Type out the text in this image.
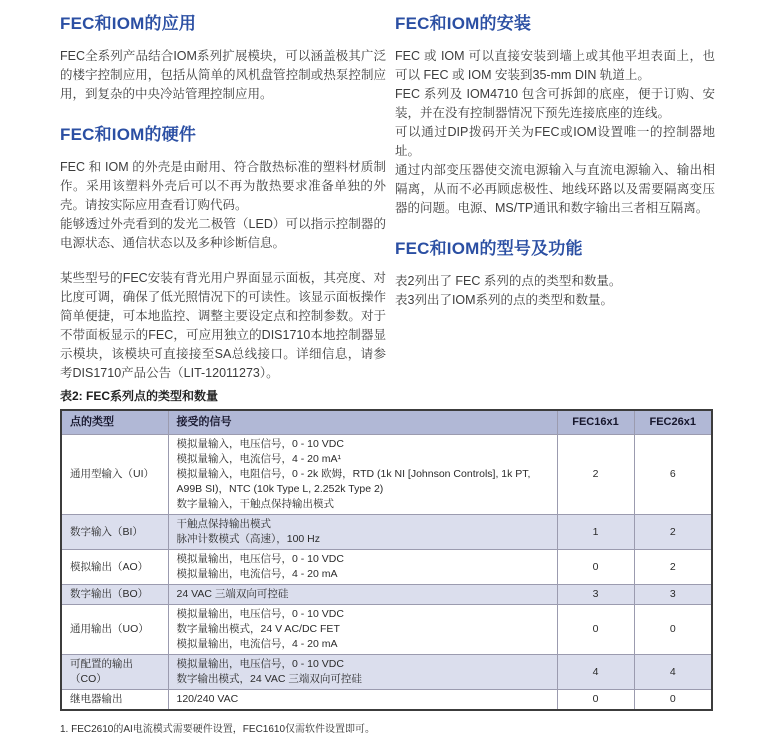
FEC和IOM的应用
FEC全系列产品结合IOM系列扩展模块，可以涵盖极其广泛的楼宇控制应用，包括从简单的风机盘管控制或热泵控制应用，到复杂的中央冷站管理控制应用。
FEC和IOM的硬件
FEC 和 IOM 的外壳是由耐用、符合散热标准的塑料材质制作。采用该塑料外壳后可以不再为散热要求准备单独的外壳。请按实际应用查看订购代码。
能够透过外壳看到的发光二极管（LED）可以指示控制器的电源状态、通信状态以及多种诊断信息。
某些型号的FEC安装有背光用户界面显示面板，其亮度、对比度可调，确保了低光照情况下的可读性。该显示面板操作简单便捷，可本地监控、调整主要设定点和控制参数。对于不带面板显示的FEC，可应用独立的DIS1710本地控制器显示模块，该模块可直接接至SA总线接口。详细信息，请参考DIS1710产品公告（LIT-12011273）。
FEC和IOM的安装
FEC 或 IOM 可以直接安装到墙上或其他平坦表面上，也可以 FEC 或 IOM 安装到35-mm DIN 轨道上。
FEC 系列及 IOM4710 包含可拆卸的底座，便于订购、安装，并在没有控制器情况下预先连接底座的连线。
可以通过DIP拨码开关为FEC或IOM设置唯一的控制器地址。
通过内部变压器使交流电源输入与直流电源输入、输出相隔离，从而不必再顾虑极性、地线环路以及需要隔离变压器的问题。电源、MS/TP通讯和数字输出三者相互隔离。
FEC和IOM的型号及功能
表2列出了 FEC 系列的点的类型和数量。
表3列出了IOM系列的点的类型和数量。
表2: FEC系列点的类型和数量
点的类型	接受的信号	FEC16x1	FEC26x1
通用型输入（UI）	模拟量输入，电压信号，0 - 10 VDC
模拟量输入，电流信号，4 - 20 mA¹
模拟量输入，电阻信号，0 - 2k 欧姆，RTD (1k NI [Johnson Controls], 1k PT, A99B SI)，NTC (10k Type L, 2.252k Type 2)
数字量输入，干触点保持输出模式	2	6
数字输入（BI）	干触点保持输出模式
脉冲计数模式（高速），100 Hz	1	2
模拟输出（AO）	模拟量输出，电压信号，0 - 10 VDC
模拟量输出，电流信号，4 - 20 mA	0	2
数字输出（BO）	24 VAC 三端双向可控硅	3	3
通用输出（UO）	模拟量输出，电压信号，0 - 10 VDC
数字量输出模式，24 V AC/DC FET
模拟量输出，电流信号，4 - 20 mA	0	0
可配置的输出 （CO）	模拟量输出，电压信号，0 - 10 VDC
数字输出模式，24 VAC 三端双向可控硅	4	4
继电器输出	120/240 VAC	0	0
1. FEC2610的AI电流模式需要硬件设置，FEC1610仅需软件设置即可。
